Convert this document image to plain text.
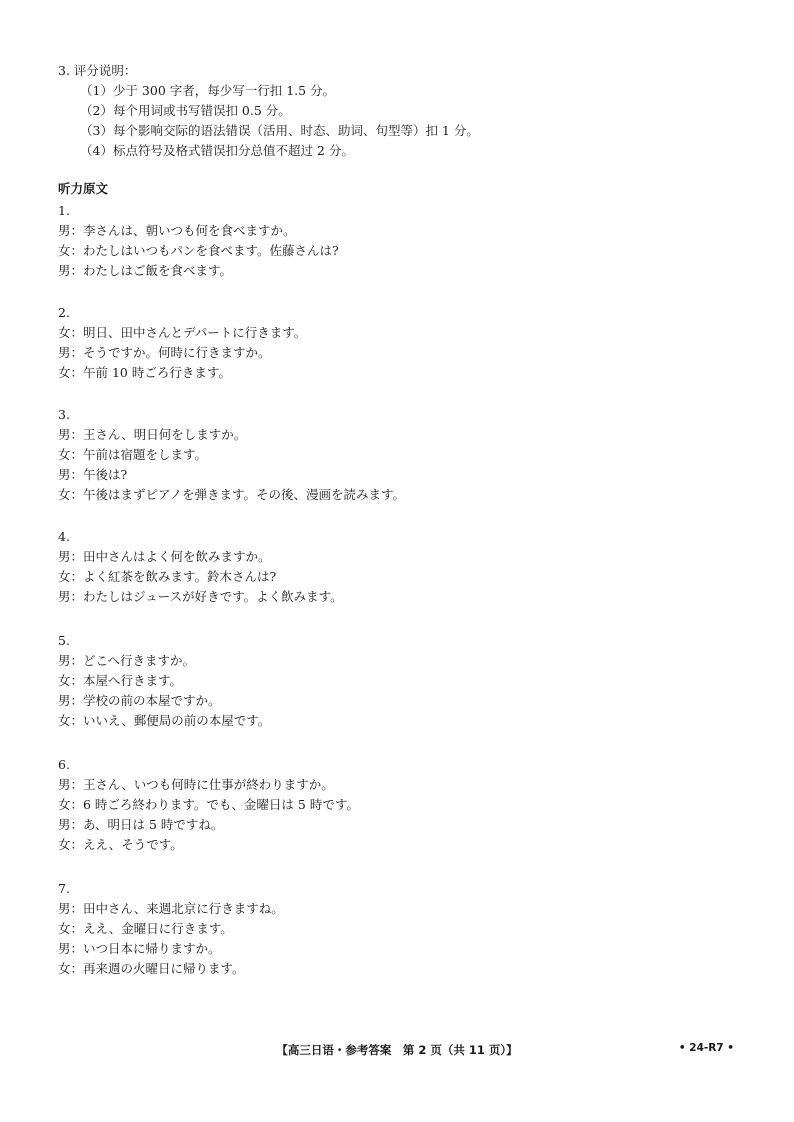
3. 评分说明：
（1）少于 300 字者，每少写一行扣 1.5 分。
（2）每个用词或书写错误扣 0.5 分。
（3）每个影响交际的语法错误（活用、时态、助词、句型等）扣 1 分。
（4）标点符号及格式错误扣分总值不超过 2 分。
听力原文
1.
男：李さんは、朝いつも何を食べますか。
女：わたしはいつもパンを食べます。佐藤さんは?
男：わたしはご飯を食べます。
2.
女：明日、田中さんとデパートに行きます。
男：そうですか。何時に行きますか。
女：午前 10 時ごろ行きます。
3.
男：王さん、明日何をしますか。
女：午前は宿題をします。
男：午後は?
女：午後はまずピアノを弾きます。その後、漫画を読みます。
4.
男：田中さんはよく何を飲みますか。
女：よく紅茶を飲みます。鈴木さんは?
男：わたしはジュースが好きです。よく飲みます。
5.
男：どこへ行きますか。
女：本屋へ行きます。
男：学校の前の本屋ですか。
女：いいえ、郵便局の前の本屋です。
6.
男：王さん、いつも何時に仕事が終わりますか。
女：6 時ごろ終わります。でも、金曜日は 5 時です。
男：あ、明日は 5 時ですね。
女：ええ、そうです。
7.
男：田中さん、来週北京に行きますね。
女：ええ、金曜日に行きます。
男：いつ日本に帰りますか。
女：再来週の火曜日に帰ります。
【高三日语・参考答案　第 2 页（共 11 页）】	• 24-R7 •
